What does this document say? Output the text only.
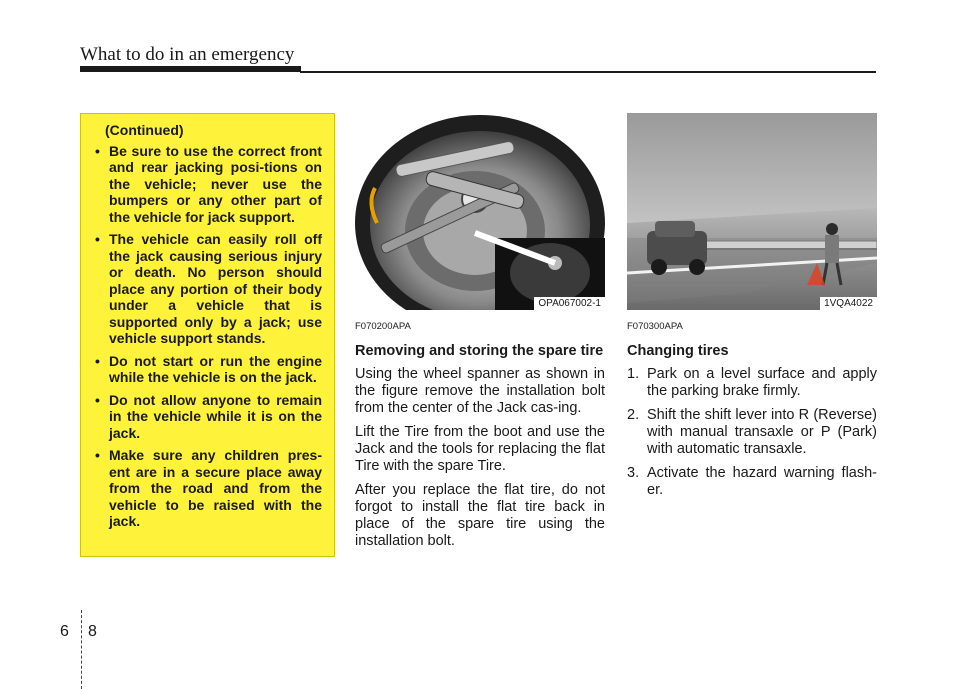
What to do in an emergency
(Continued)
• Be sure to use the correct front and rear jacking posi-tions on the vehicle; never use the bumpers or any other part of the vehicle for jack support.
• The vehicle can easily roll off the jack causing serious injury or death. No person should place any portion of their body under a vehicle that is supported only by a jack; use vehicle support stands.
• Do not start or run the engine while the vehicle is on the jack.
• Do not allow anyone to remain in the vehicle while it is on the jack.
• Make sure any children pres-ent are in a secure place away from the road and from the vehicle to be raised with the jack.
OPA067002-1	1VQA4022
F070200APA
Removing and storing the spare tire

Using the wheel spanner as shown in the figure remove the installation bolt from the center of the Jack cas-ing.

Lift the Tire from the boot and use the Jack and the tools for replacing the flat Tire with the spare Tire.

After you replace the flat tire, do not forgot to install the flat tire back in place of the spare tire using the installation bolt.

F070300APA
Changing tires
1. Park on a level surface and apply the parking brake firmly.
2. Shift the shift lever into R (Reverse) with manual transaxle or P (Park) with automatic transaxle.
3. Activate the hazard warning flash-er.
6 8
